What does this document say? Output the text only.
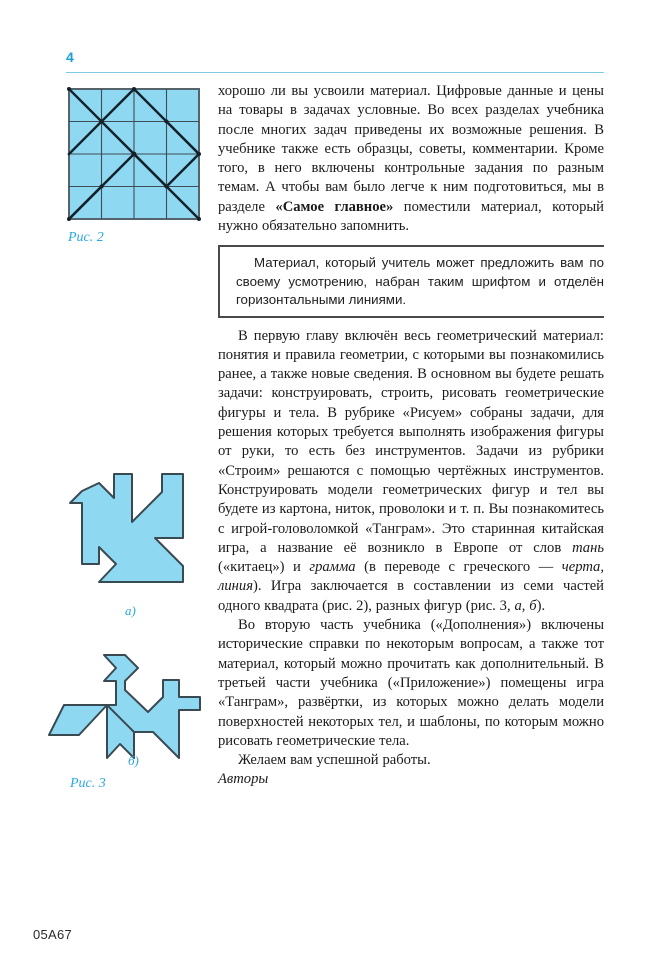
4
Рис. 2
а)
б)
Рис. 3

хорошо ли вы усвоили материал. Цифровые данные и цены на товары в задачах условные. Во всех разделах учебника после многих задач приведены их возможные решения. В учебнике также есть образцы, советы, комментарии. Кроме того, в него включены контрольные задания по разным темам. А чтобы вам было легче к ним подготовиться, мы в разделе «Самое главное» поместили материал, который нужно обязательно запомнить.

Материал, который учитель может предложить вам по своему усмотрению, набран таким шрифтом и отделён горизонтальными линиями.

В первую главу включён весь геометрический материал: понятия и правила геометрии, с которыми вы познакомились ранее, а также новые сведения. В основном вы будете решать задачи: конструировать, строить, рисовать геометрические фигуры и тела. В рубрике «Рисуем» собраны задачи, для решения которых требуется выполнять изображения фигуры от руки, то есть без инструментов. Задачи из рубрики «Строим» решаются с помощью чертёжных инструментов. Конструировать модели геометрических фигур и тел вы будете из картона, ниток, проволоки и т. п. Вы познакомитесь с игрой-головоломкой «Танграм». Это старинная китайская игра, а название её возникло в Европе от слов тань («китаец») и грамма (в переводе с греческого — черта, линия). Игра заключается в составлении из семи частей одного квадрата (рис. 2), разных фигур (рис. 3, а, б).

Во вторую часть учебника («Дополнения») включены исторические справки по некоторым вопросам, а также тот материал, который можно прочитать как дополнительный. В третьей части учебника («Приложение») помещены игра «Танграм», развёртки, из которых можно делать модели поверхностей некоторых тел, и шаблоны, по которым можно рисовать геометрические тела.

Желаем вам успешной работы.

Авторы

05A67
